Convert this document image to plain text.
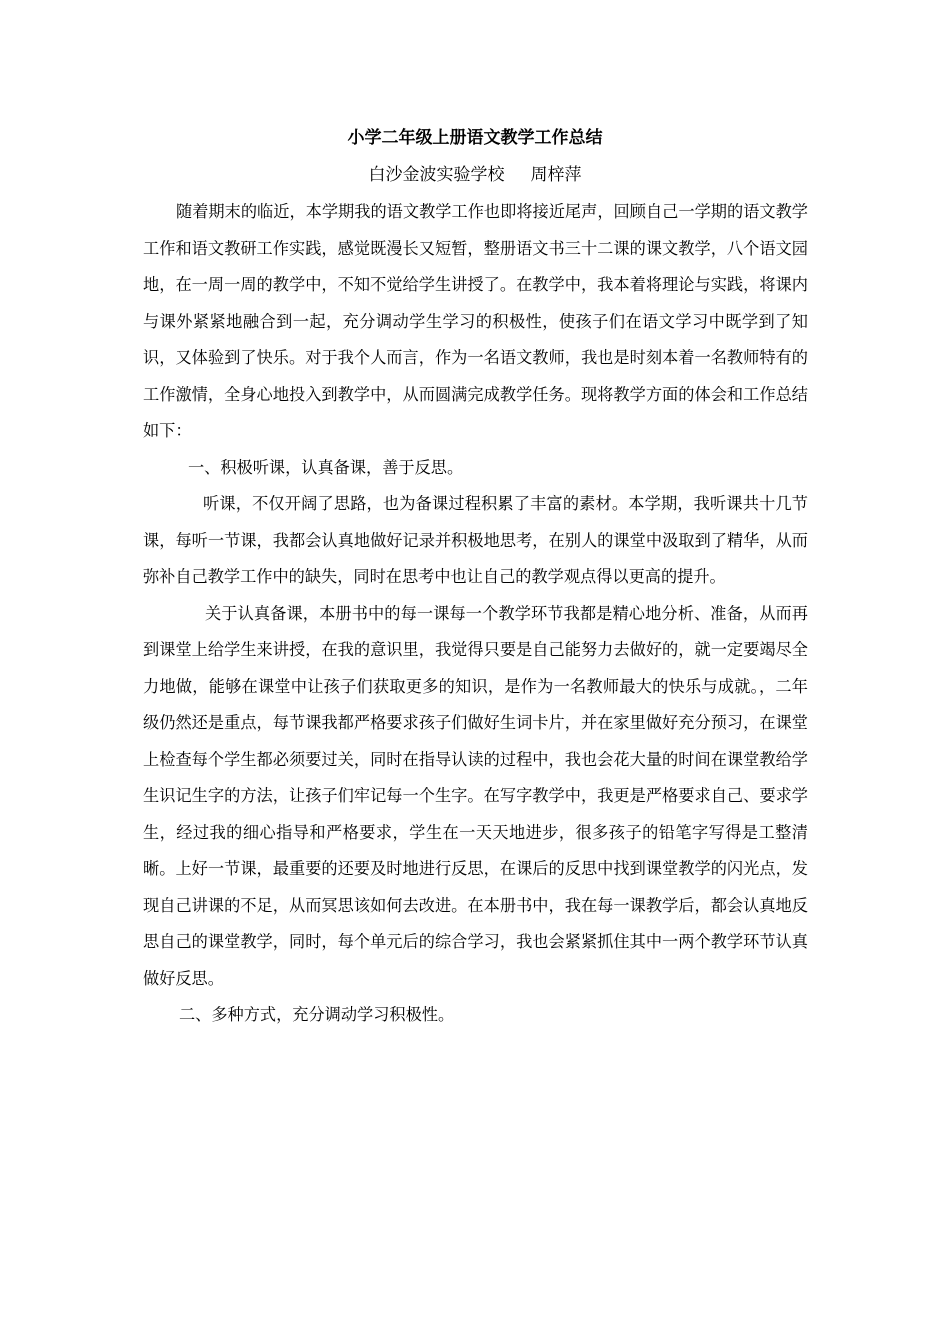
小学二年级上册语文教学工作总结
白沙金波实验学校 周梓萍

随着期末的临近，本学期我的语文教学工作也即将接近尾声，回顾自己一学期的语文教学工作和语文教研工作实践，感觉既漫长又短暂，整册语文书三十二课的课文教学，八个语文园地，在一周一周的教学中，不知不觉给学生讲授了。在教学中，我本着将理论与实践，将课内与课外紧紧地融合到一起，充分调动学生学习的积极性，使孩子们在语文学习中既学到了知识，又体验到了快乐。对于我个人而言，作为一名语文教师，我也是时刻本着一名教师特有的工作激情，全身心地投入到教学中，从而圆满完成教学任务。现将教学方面的体会和工作总结如下：

一、积极听课，认真备课，善于反思。

听课，不仅开阔了思路，也为备课过程积累了丰富的素材。本学期，我听课共十几节课，每听一节课，我都会认真地做好记录并积极地思考，在别人的课堂中汲取到了精华，从而弥补自己教学工作中的缺失，同时在思考中也让自己的教学观点得以更高的提升。

关于认真备课，本册书中的每一课每一个教学环节我都是精心地分析、准备，从而再到课堂上给学生来讲授，在我的意识里，我觉得只要是自己能努力去做好的，就一定要竭尽全力地做，能够在课堂中让孩子们获取更多的知识，是作为一名教师最大的快乐与成就。，二年级仍然还是重点，每节课我都严格要求孩子们做好生词卡片，并在家里做好充分预习，在课堂上检查每个学生都必须要过关，同时在指导认读的过程中，我也会花大量的时间在课堂教给学生识记生字的方法，让孩子们牢记每一个生字。在写字教学中，我更是严格要求自己、要求学生，经过我的细心指导和严格要求，学生在一天天地进步，很多孩子的铅笔字写得是工整清晰。上好一节课，最重要的还要及时地进行反思，在课后的反思中找到课堂教学的闪光点，发现自己讲课的不足，从而冥思该如何去改进。在本册书中，我在每一课教学后，都会认真地反思自己的课堂教学，同时，每个单元后的综合学习，我也会紧紧抓住其中一两个教学环节认真做好反思。

二、多种方式，充分调动学习积极性。
